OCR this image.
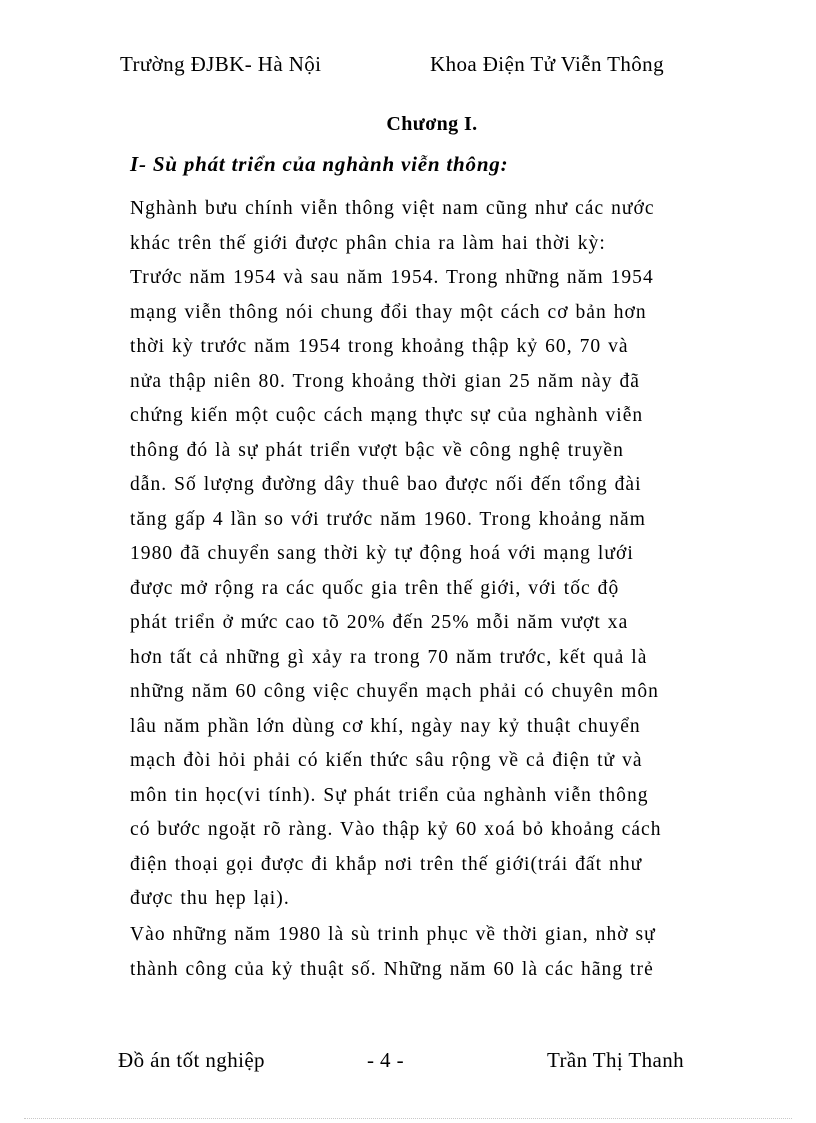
Trường ĐJBK- Hà Nội	Khoa Điện Tử Viễn Thông
Chương I.
I- Sù phát triển của nghành viễn thông:
Nghành bưu chính viễn thông việt nam cũng như các nước
khác trên thế giới được phân chia ra làm hai thời kỳ:
Trước năm 1954 và sau năm 1954. Trong những năm 1954
mạng viễn thông nói chung đổi thay một cách cơ bản hơn
thời kỳ trước năm 1954 trong khoảng thập kỷ 60, 70 và
nửa thập niên 80. Trong khoảng thời gian 25 năm này đã
chứng kiến một cuộc cách mạng thực sự của nghành viễn
thông đó là sự phát triển vượt bậc về công nghệ truyền
dẫn. Số lượng đường dây thuê bao được nối đến tổng đài
tăng gấp 4 lần so với trước năm 1960. Trong khoảng năm
1980 đã chuyển sang thời kỳ tự động hoá với mạng lưới
được mở rộng ra các quốc gia trên thế giới, với tốc độ
phát triển ở mức cao tõ 20% đến 25% mỗi năm vượt xa
hơn tất cả những gì xảy ra trong 70 năm trước, kết quả là
những năm 60 công việc chuyển mạch phải có chuyên môn
lâu năm phần lớn dùng cơ khí, ngày nay kỷ thuật chuyển
mạch đòi hỏi phải có kiến thức sâu rộng về cả điện tử và
môn tin học(vi tính). Sự phát triển của nghành viễn thông
có bước ngoặt rõ ràng. Vào thập kỷ 60 xoá bỏ khoảng cách
điện thoại gọi được đi khắp nơi trên thế giới(trái đất như
được thu hẹp lại).
Vào những năm 1980 là sù trinh phục về thời gian, nhờ sự
thành công của kỷ thuật số. Những năm 60 là các hãng trẻ
Đồ án tốt nghiệp	- 4 -	Trần Thị Thanh
